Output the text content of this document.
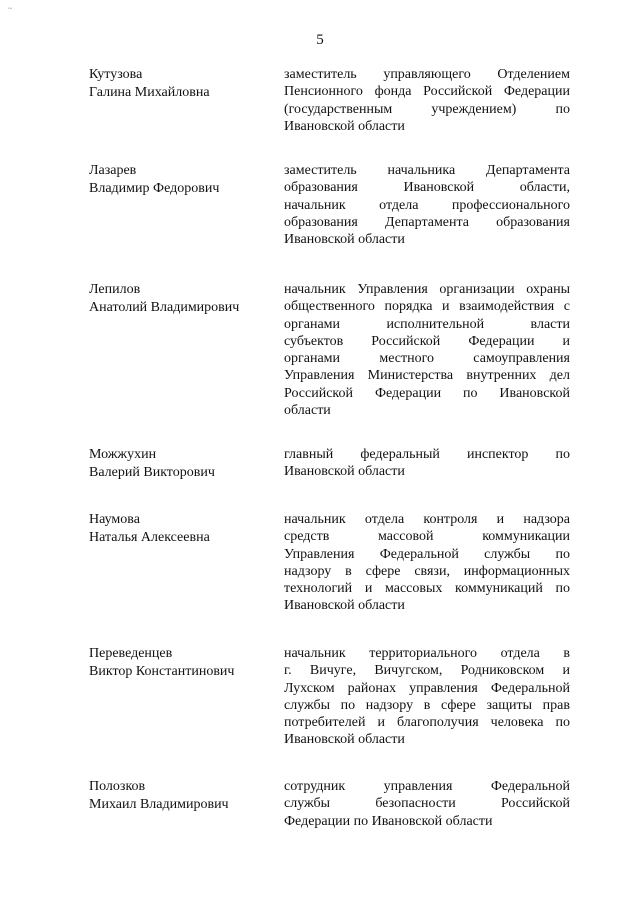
~
5
Кутузова
Галина Михайловна
заместитель управляющего Отделением
Пенсионного фонда Российской Федерации
(государственным учреждением) по
Ивановской области
Лазарев
Владимир Федорович
заместитель начальника Департамента
образования Ивановской области,
начальник отдела профессионального
образования Департамента образования
Ивановской области
Лепилов
Анатолий Владимирович
начальник Управления организации охраны
общественного порядка и взаимодействия с
органами исполнительной власти
субъектов Российской Федерации и
органами местного самоуправления
Управления Министерства внутренних дел
Российской Федерации по Ивановской
области
Можжухин
Валерий Викторович
главный федеральный инспектор по
Ивановской области
Наумова
Наталья Алексеевна
начальник отдела контроля и надзора
средств массовой коммуникации
Управления Федеральной службы по
надзору в сфере связи, информационных
технологий и массовых коммуникаций по
Ивановской области
Переведенцев
Виктор Константинович
начальник территориального отдела в
г. Вичуге, Вичугском, Родниковском и
Лухском районах управления Федеральной
службы по надзору в сфере защиты прав
потребителей и благополучия человека по
Ивановской области
Полозков
Михаил Владимирович
сотрудник управления Федеральной
службы безопасности Российской
Федерации по Ивановской области
